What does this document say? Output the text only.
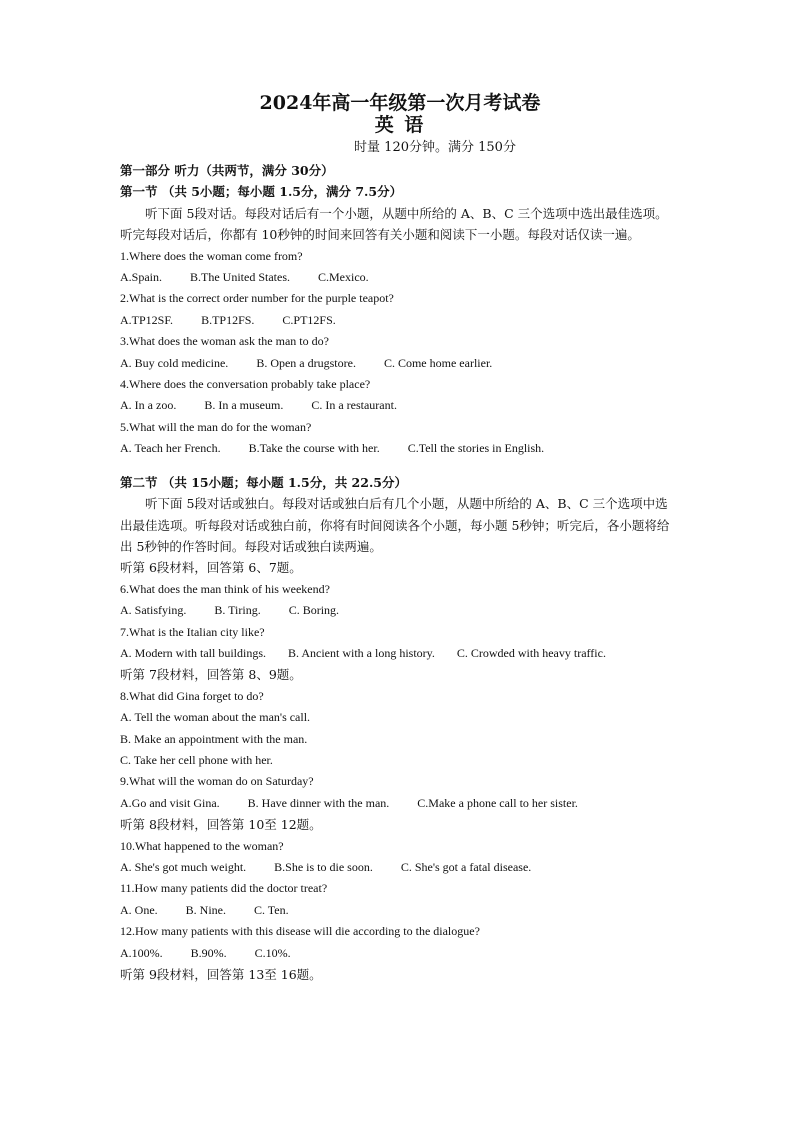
2024年高一年级第一次月考试卷

英 语

时量 120分钟。满分 150分

第一部分 听力（共两节，满分 30分）

第一节 （共 5小题；每小题 1.5分，满分 7.5分）

听下面 5段对话。每段对话后有一个小题，从题中所给的 A、B、C 三个选项中选出最佳选项。听完每段对话后，你都有 10秒钟的时间来回答有关小题和阅读下一小题。每段对话仅读一遍。

1.Where does the woman come from?

A.Spain. B.The United States. C.Mexico.

2.What is the correct order number for the purple teapot?

A.TP12SF. B.TP12FS. C.PT12FS.

3.What does the woman ask the man to do?

A. Buy cold medicine. B. Open a drugstore. C. Come home earlier.

4.Where does the conversation probably take place?

A. In a zoo. B. In a museum. C. In a restaurant.

5.What will the man do for the woman?

A. Teach her French. B.Take the course with her. C.Tell the stories in English.

第二节 （共 15小题；每小题 1.5分，共 22.5分）

听下面 5段对话或独白。每段对话或独白后有几个小题，从题中所给的 A、B、C 三个选项中选出最佳选项。听每段对话或独白前，你将有时间阅读各个小题，每小题 5秒钟；听完后，各小题将给出 5秒钟的作答时间。每段对话或独白读两遍。

听第 6段材料，回答第 6、7题。

6.What does the man think of his weekend?

A. Satisfying. B. Tiring. C. Boring.

7.What is the Italian city like?

A. Modern with tall buildings. B. Ancient with a long history. C. Crowded with heavy traffic.

听第 7段材料，回答第 8、9题。

8.What did Gina forget to do?

A. Tell the woman about the man's call.

B. Make an appointment with the man.

C. Take her cell phone with her.

9.What will the woman do on Saturday?

A.Go and visit Gina. B. Have dinner with the man. C.Make a phone call to her sister.

听第 8段材料，回答第 10至 12题。

10.What happened to the woman?

A. She's got much weight. B.She is to die soon. C. She's got a fatal disease.

11.How many patients did the doctor treat?

A. One. B. Nine. C. Ten.

12.How many patients with this disease will die according to the dialogue?

A.100%. B.90%. C.10%.

听第 9段材料，回答第 13至 16题。
